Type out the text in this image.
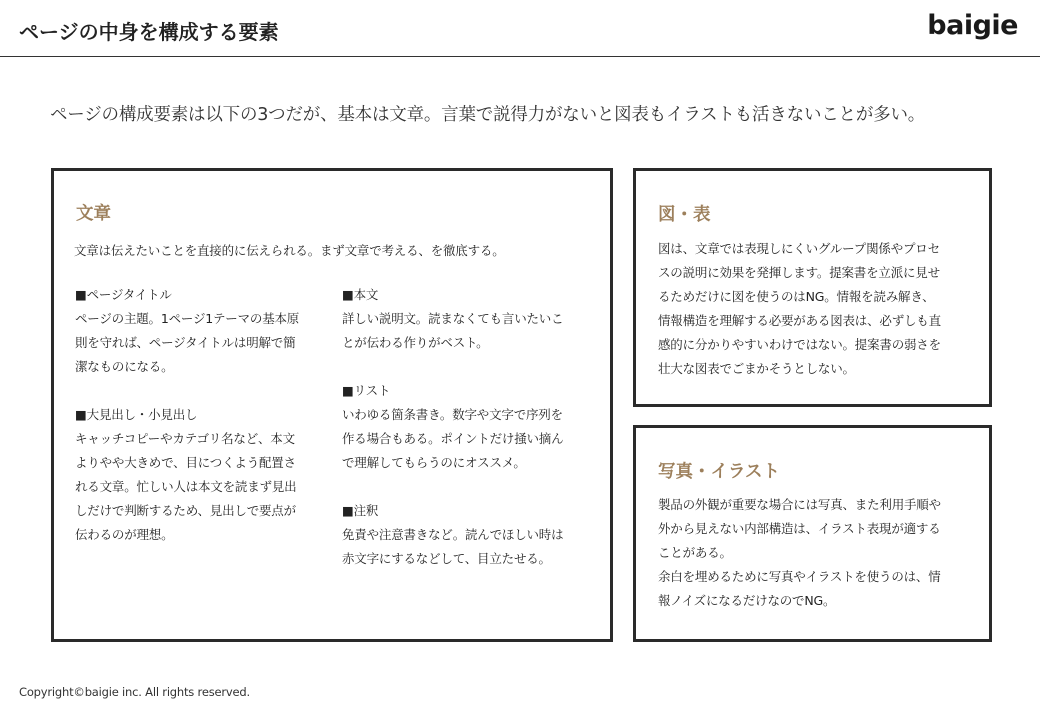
ページの中身を構成する要素	baigie
ページの構成要素は以下の3つだが、基本は文章。言葉で説得力がないと図表もイラストも活きないことが多い。
文章
文章は伝えたいことを直接的に伝えられる。まず文章で考える、を徹底する。
■ページタイトル
ページの主題。1ページ1テーマの基本原
則を守れば、ページタイトルは明解で簡
潔なものになる。
■大見出し・小見出し
キャッチコピーやカテゴリ名など、本文
よりやや大きめで、目につくよう配置さ
れる文章。忙しい人は本文を読まず見出
しだけで判断するため、見出しで要点が
伝わるのが理想。
■本文
詳しい説明文。読まなくても言いたいこ
とが伝わる作りがベスト。
■リスト
いわゆる箇条書き。数字や文字で序列を
作る場合もある。ポイントだけ掻い摘ん
で理解してもらうのにオススメ。
■注釈
免責や注意書きなど。読んでほしい時は
赤文字にするなどして、目立たせる。
図・表
図は、文章では表現しにくいグループ関係やプロセ
スの説明に効果を発揮します。提案書を立派に見せ
るためだけに図を使うのはNG。情報を読み解き、
情報構造を理解する必要がある図表は、必ずしも直
感的に分かりやすいわけではない。提案書の弱さを
壮大な図表でごまかそうとしない。
写真・イラスト
製品の外観が重要な場合には写真、また利用手順や
外から見えない内部構造は、イラスト表現が適する
ことがある。
余白を埋めるために写真やイラストを使うのは、情
報ノイズになるだけなのでNG。
Copyright©baigie inc. All rights reserved.
